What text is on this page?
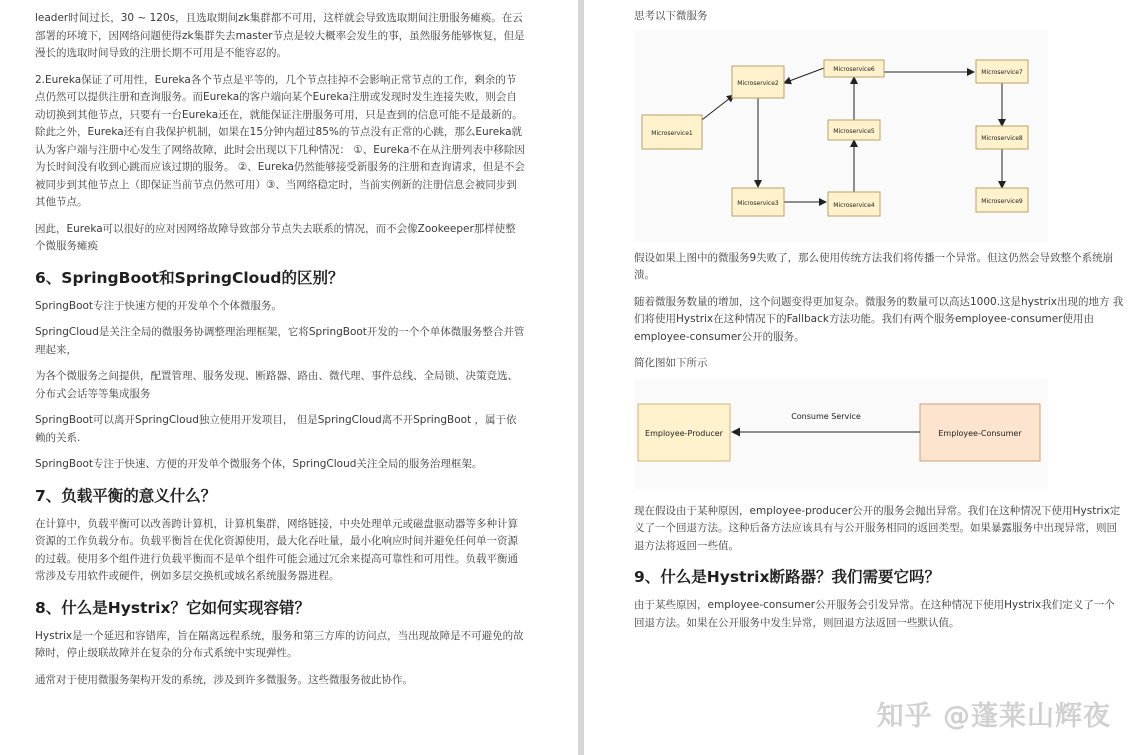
leader时间过长，30 ~ 120s，且选取期间zk集群都不可用，这样就会导致选取期间注册服务瘫痪。在云部署的环境下，因网络问题使得zk集群失去master节点是较大概率会发生的事，虽然服务能够恢复，但是漫长的选取时间导致的注册长期不可用是不能容忍的。

2.Eureka保证了可用性，Eureka各个节点是平等的，几个节点挂掉不会影响正常节点的工作，剩余的节点仍然可以提供注册和查询服务。而Eureka的客户端向某个Eureka注册或发现时发生连接失败，则会自动切换到其他节点，只要有一台Eureka还在，就能保证注册服务可用，只是查到的信息可能不是最新的。除此之外，Eureka还有自我保护机制，如果在15分钟内超过85%的节点没有正常的心跳，那么Eureka就认为客户端与注册中心发生了网络故障，此时会出现以下几种情况： ①、Eureka不在从注册列表中移除因为长时间没有收到心跳而应该过期的服务。 ②、Eureka仍然能够接受新服务的注册和查询请求，但是不会被同步到其他节点上（即保证当前节点仍然可用）③、当网络稳定时，当前实例新的注册信息会被同步到其他节点。

因此，Eureka可以很好的应对因网络故障导致部分节点失去联系的情况，而不会像Zookeeper那样使整个微服务瘫痪

6、SpringBoot和SpringCloud的区别？

SpringBoot专注于快速方便的开发单个个体微服务。

SpringCloud是关注全局的微服务协调整理治理框架，它将SpringBoot开发的一个个单体微服务整合并管理起来，

为各个微服务之间提供，配置管理、服务发现、断路器、路由、微代理、事件总线、全局锁、决策竞选、分布式会话等等集成服务

SpringBoot可以离开SpringCloud独立使用开发项目， 但是SpringCloud离不开SpringBoot ，属于依赖的关系.

SpringBoot专注于快速、方便的开发单个微服务个体，SpringCloud关注全局的服务治理框架。

7、负载平衡的意义什么？

在计算中，负载平衡可以改善跨计算机，计算机集群，网络链接，中央处理单元或磁盘驱动器等多种计算资源的工作负载分布。负载平衡旨在优化资源使用，最大化吞吐量，最小化响应时间并避免任何单一资源 的过载。使用多个组件进行负载平衡而不是单个组件可能会通过冗余来提高可靠性和可用性。负载平衡通常涉及专用软件或硬件，例如多层交换机或域名系统服务器进程。

8、什么是Hystrix？它如何实现容错？

Hystrix是一个延迟和容错库，旨在隔离远程系统，服务和第三方库的访问点，当出现故障是不可避免的故障时，停止级联故障并在复杂的分布式系统中实现弹性。

通常对于使用微服务架构开发的系统，涉及到许多微服务。这些微服务彼此协作。

思考以下微服务

Microservice1
Microservice2
Microservice3	Microservice4
Microservice5
Microservice6	Microservice7
Microservice8
Microservice9

假设如果上图中的微服务9失败了，那么使用传统方法我们将传播一个异常。但这仍然会导致整个系统崩溃。

随着微服务数量的增加，这个问题变得更加复杂。微服务的数量可以高达1000.这是hystrix出现的地方 我们将使用Hystrix在这种情况下的Fallback方法功能。我们有两个服务employee-consumer使用由employee-consumer公开的服务。

简化图如下所示

Employee-Producer	Employee-Consumer
Consume Service

现在假设由于某种原因，employee-producer公开的服务会抛出异常。我们在这种情况下使用Hystrix定义了一个回退方法。这种后备方法应该具有与公开服务相同的返回类型。如果暴露服务中出现异常，则回退方法将返回一些值。

9、什么是Hystrix断路器？我们需要它吗？

由于某些原因，employee-consumer公开服务会引发异常。在这种情况下使用Hystrix我们定义了一个回退方法。如果在公开服务中发生异常，则回退方法返回一些默认值。

知乎 @蓬莱山辉夜
